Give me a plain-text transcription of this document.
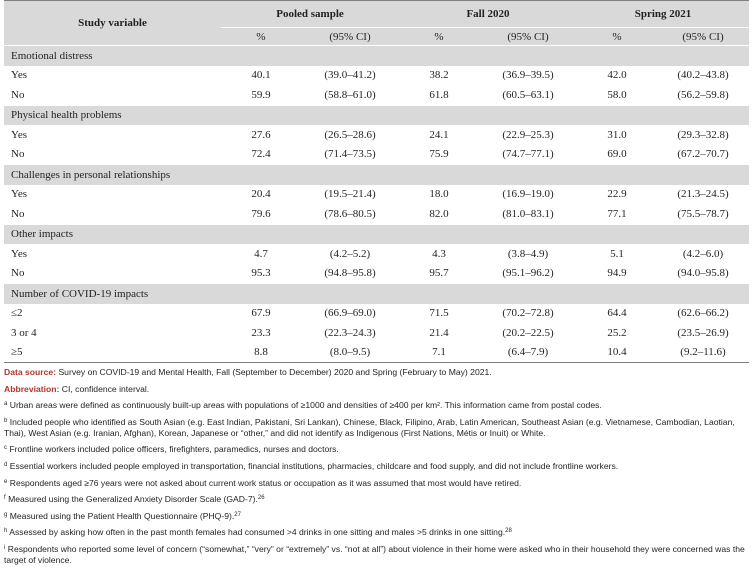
Study variable	Pooled sample		Fall 2020		Spring 2021	
	%	(95% CI)	%	(95% CI)	%	(95% CI)
Emotional distress						
Yes	40.1	(39.0–41.2)	38.2	(36.9–39.5)	42.0	(40.2–43.8)
No	59.9	(58.8–61.0)	61.8	(60.5–63.1)	58.0	(56.2–59.8)
Physical health problems						
Yes	27.6	(26.5–28.6)	24.1	(22.9–25.3)	31.0	(29.3–32.8)
No	72.4	(71.4–73.5)	75.9	(74.7–77.1)	69.0	(67.2–70.7)
Challenges in personal relationships						
Yes	20.4	(19.5–21.4)	18.0	(16.9–19.0)	22.9	(21.3–24.5)
No	79.6	(78.6–80.5)	82.0	(81.0–83.1)	77.1	(75.5–78.7)
Other impacts						
Yes	4.7	(4.2–5.2)	4.3	(3.8–4.9)	5.1	(4.2–6.0)
No	95.3	(94.8–95.8)	95.7	(95.1–96.2)	94.9	(94.0–95.8)
Number of COVID-19 impacts						
≤2	67.9	(66.9–69.0)	71.5	(70.2–72.8)	64.4	(62.6–66.2)
3 or 4	23.3	(22.3–24.3)	21.4	(20.2–22.5)	25.2	(23.5–26.9)
≥5	8.8	(8.0–9.5)	7.1	(6.4–7.9)	10.4	(9.2–11.6)

Data source: Survey on COVID-19 and Mental Health, Fall (September to December) 2020 and Spring (February to May) 2021.

Abbreviation: CI, confidence interval.

$^a$ Urban areas were defined as continuously built-up areas with populations of ≥1000 and densities of ≥400 per km². This information came from postal codes.

$^b$ Included people who identified as South Asian (e.g. East Indian, Pakistani, Sri Lankan), Chinese, Black, Filipino, Arab, Latin American, Southeast Asian (e.g. Vietnamese, Cambodian, Laotian, Thai), West Asian (e.g. Iranian, Afghan), Korean, Japanese or “other,” and did not identify as Indigenous (First Nations, Métis or Inuit) or White.

$^c$ Frontline workers included police officers, firefighters, paramedics, nurses and doctors.

$^d$ Essential workers included people employed in transportation, financial institutions, pharmacies, childcare and food supply, and did not include frontline workers.

$^e$ Respondents aged ≥76 years were not asked about current work status or occupation as it was assumed that most would have retired.

$^f$ Measured using the Generalized Anxiety Disorder Scale (GAD-7).$^{26}$

$^g$ Measured using the Patient Health Questionnaire (PHQ-9).$^{27}$

$^h$ Assessed by asking how often in the past month females had consumed >4 drinks in one sitting and males >5 drinks in one sitting.$^{28}$

$^i$ Respondents who reported some level of concern (“somewhat,” “very” or “extremely” vs. “not at all”) about violence in their home were asked who in their household they were concerned was the target of violence.
